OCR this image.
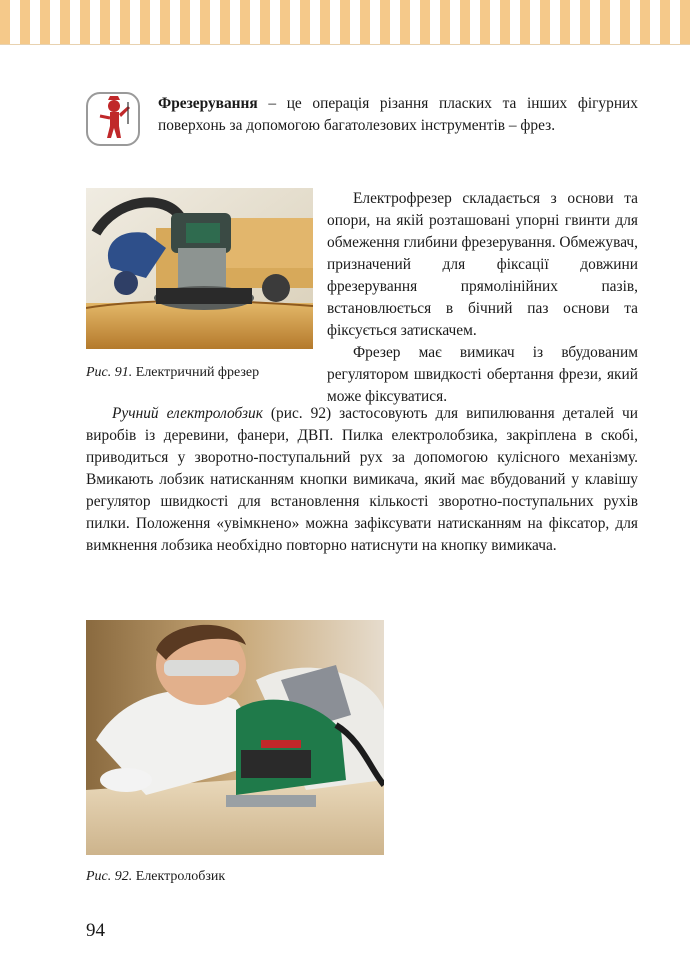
Фрезерування – це операція різання пласких та інших фігурних поверхонь за допомогою багатолезових інструментів – фрез.

Рис. 91. Електричний фрезер

Електрофрезер складається з основи та опори, на якій розташовані упорні гвинти для обмеження глибини фрезерування. Обмежувач, призначений для фіксації довжини фрезерування прямолінійних пазів, встановлюється в бічний паз основи та фіксується затискачем.

Фрезер має вимикач із вбудованим регулятором швидкості обертання фрези, який може фіксуватися.

Ручний електролобзик (рис. 92) застосовують для випилювання деталей чи виробів із деревини, фанери, ДВП. Пилка електролобзика, закріплена в скобі, приводиться у зворотно-поступальний рух за допомогою кулісного механізму. Вмикають лобзик натисканням кнопки вимикача, який має вбудований у клавішу регулятор швидкості для встановлення кількості зворотно-поступальних рухів пилки. Положення «увімкнено» можна зафіксувати натисканням на фіксатор, для вимкнення лобзика необхідно повторно натиснути на кнопку вимикача.

Рис. 92. Електролобзик
94
